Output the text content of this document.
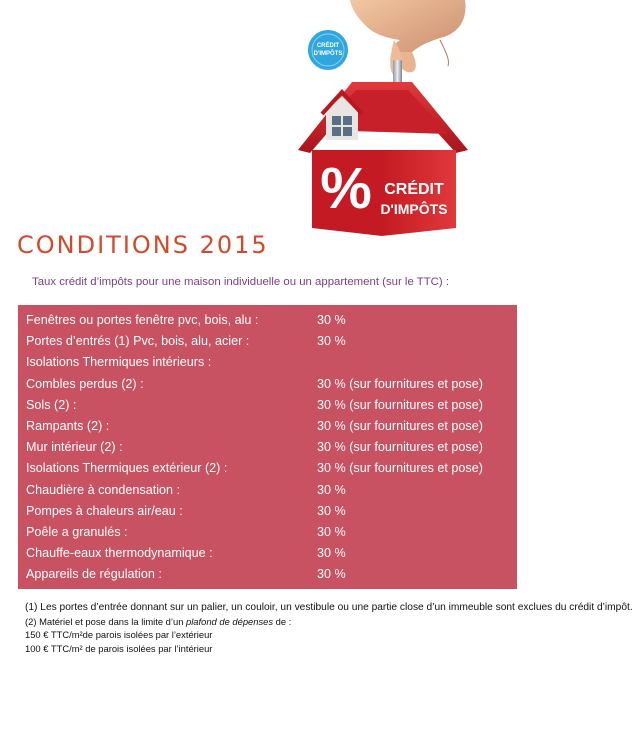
CRÉDIT
D'IMPÔTS
% CRÉDIT
D'IMPÔTS
CONDITIONS 2015
Taux crédit d’impôts pour une maison individuelle ou un appartement (sur le TTC) :
Fenêtres ou portes fenêtre pvc, bois, alu :	30 %
Portes d’entrés (1) Pvc, bois, alu, acier :	30 %
Isolations Thermiques intérieurs :
Combles perdus (2) :	30 % (sur fournitures et pose)
Sols (2) :	30 % (sur fournitures et pose)
Rampants (2) :	30 % (sur fournitures et pose)
Mur intérieur (2) :	30 % (sur fournitures et pose)
Isolations Thermiques extérieur (2) :	30 % (sur fournitures et pose)
Chaudière à condensation :	30 %
Pompes à chaleurs air/eau :	30 %
Poêle a granulés :	30 %
Chauffe-eaux thermodynamique :	30 %
Appareils de régulation :	30 %
(1) Les portes d’entrée donnant sur un palier, un couloir, un vestibule ou une partie close d’un immeuble sont exclues du crédit d’impôt.
(2) Matériel et pose dans la limite d’un plafond de dépenses de :
150 € TTC/m²de parois isolées par l’extérieur
100 € TTC/m² de parois isolées par l’intérieur
